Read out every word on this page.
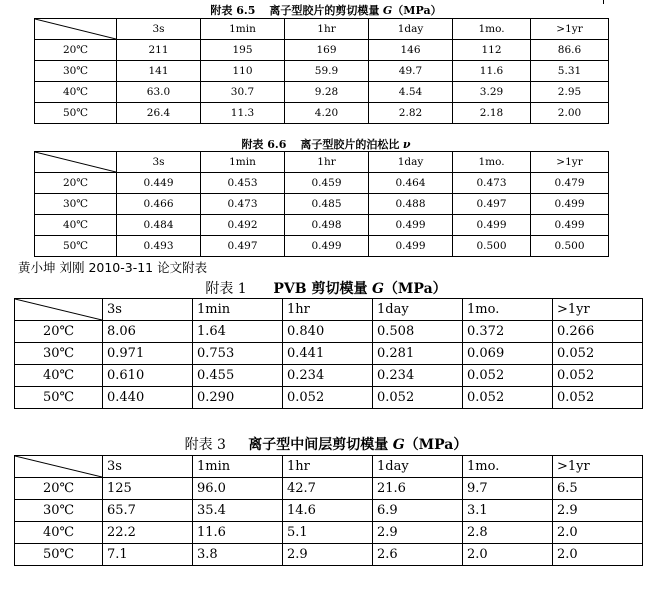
附表 6.5 离子型胶片的剪切模量 G（MPa）
	3s	1min	1hr	1day	1mo.	>1yr
20℃	211	195	169	146	112	86.6
30℃	141	110	59.9	49.7	11.6	5.31
40℃	63.0	30.7	9.28	4.54	3.29	2.95
50℃	26.4	11.3	4.20	2.82	2.18	2.00
附表 6.6 离子型胶片的泊松比 ν
	3s	1min	1hr	1day	1mo.	>1yr
20℃	0.449	0.453	0.459	0.464	0.473	0.479
30℃	0.466	0.473	0.485	0.488	0.497	0.499
40℃	0.484	0.492	0.498	0.499	0.499	0.499
50℃	0.493	0.497	0.499	0.499	0.500	0.500
黄小坤 刘刚 2010-3-11 论文附表
附表 1 PVB 剪切模量 G（MPa）
	3s	1min	1hr	1day	1mo.	>1yr
20℃	8.06	1.64	0.840	0.508	0.372	0.266
30℃	0.971	0.753	0.441	0.281	0.069	0.052
40℃	0.610	0.455	0.234	0.234	0.052	0.052
50℃	0.440	0.290	0.052	0.052	0.052	0.052
附表 3 离子型中间层剪切模量 G（MPa）
	3s	1min	1hr	1day	1mo.	>1yr
20℃	125	96.0	42.7	21.6	9.7	6.5
30℃	65.7	35.4	14.6	6.9	3.1	2.9
40℃	22.2	11.6	5.1	2.9	2.8	2.0
50℃	7.1	3.8	2.9	2.6	2.0	2.0
